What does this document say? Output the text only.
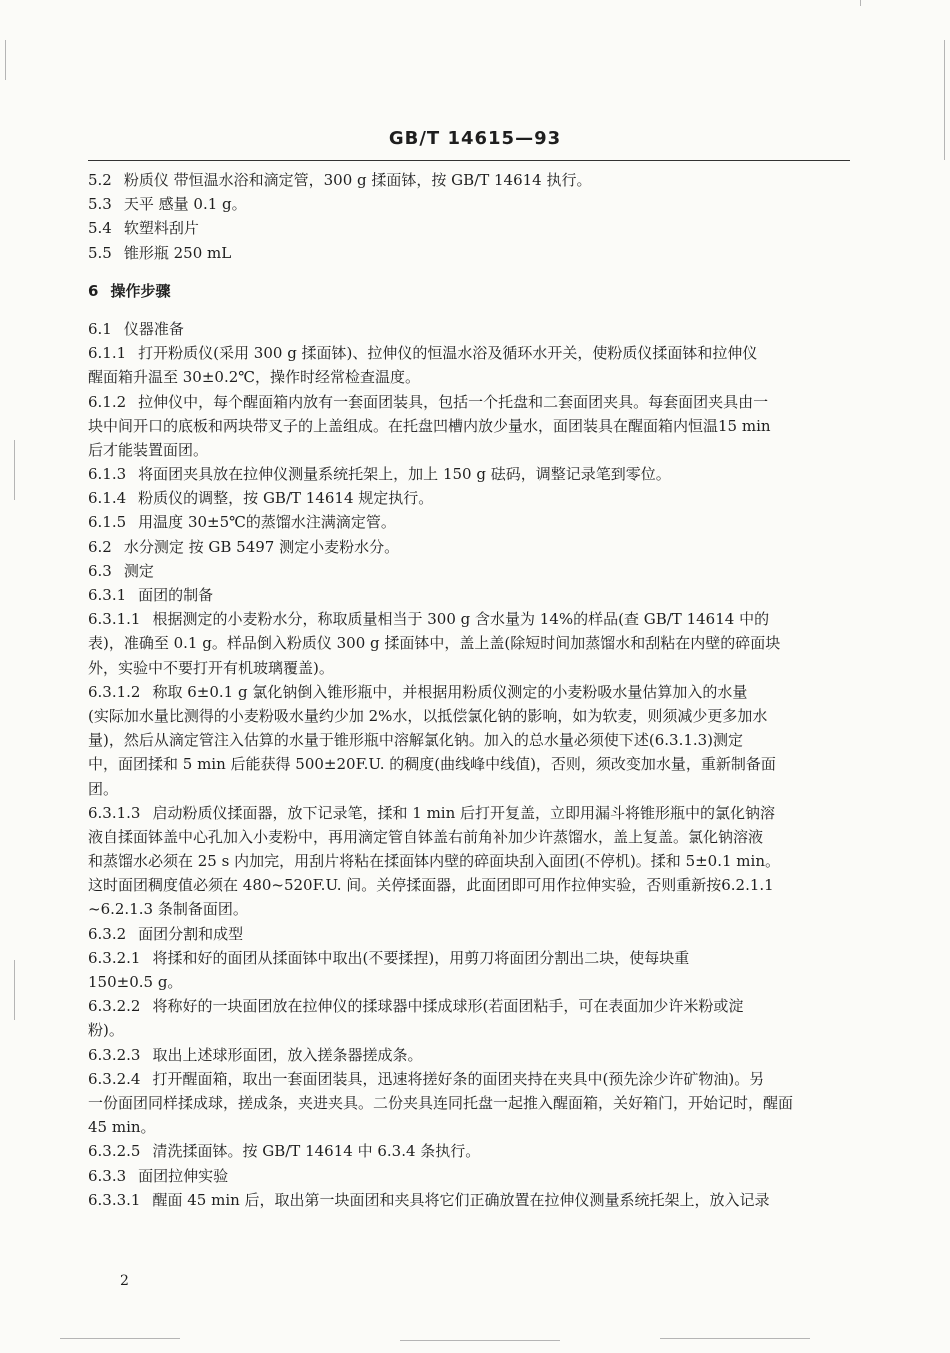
GB/T 14615—93
5.2 粉质仪 带恒温水浴和滴定管，300 g 揉面钵，按 GB/T 14614 执行。
5.3 天平 感量 0.1 g。
5.4 软塑料刮片
5.5 锥形瓶 250 mL
6 操作步骤
6.1 仪器准备
6.1.1 打开粉质仪(采用 300 g 揉面钵)、拉伸仪的恒温水浴及循环水开关，使粉质仪揉面钵和拉伸仪
醒面箱升温至 30±0.2℃，操作时经常检查温度。
6.1.2 拉伸仪中，每个醒面箱内放有一套面团装具，包括一个托盘和二套面团夹具。每套面团夹具由一
块中间开口的底板和两块带叉子的上盖组成。在托盘凹槽内放少量水，面团装具在醒面箱内恒温15 min
后才能装置面团。
6.1.3 将面团夹具放在拉伸仪测量系统托架上，加上 150 g 砝码，调整记录笔到零位。
6.1.4 粉质仪的调整，按 GB/T 14614 规定执行。
6.1.5 用温度 30±5℃的蒸馏水注满滴定管。
6.2 水分测定 按 GB 5497 测定小麦粉水分。
6.3 测定
6.3.1 面团的制备
6.3.1.1 根据测定的小麦粉水分，称取质量相当于 300 g 含水量为 14%的样品(查 GB/T 14614 中的
表)，准确至 0.1 g。样品倒入粉质仪 300 g 揉面钵中，盖上盖(除短时间加蒸馏水和刮粘在内壁的碎面块
外，实验中不要打开有机玻璃覆盖)。
6.3.1.2 称取 6±0.1 g 氯化钠倒入锥形瓶中，并根据用粉质仪测定的小麦粉吸水量估算加入的水量
(实际加水量比测得的小麦粉吸水量约少加 2%水，以抵偿氯化钠的影响，如为软麦，则须减少更多加水
量)，然后从滴定管注入估算的水量于锥形瓶中溶解氯化钠。加入的总水量必须使下述(6.3.1.3)测定
中，面团揉和 5 min 后能获得 500±20F.U. 的稠度(曲线峰中线值)，否则，须改变加水量，重新制备面
团。
6.3.1.3 启动粉质仪揉面器，放下记录笔，揉和 1 min 后打开复盖，立即用漏斗将锥形瓶中的氯化钠溶
液自揉面钵盖中心孔加入小麦粉中，再用滴定管自钵盖右前角补加少许蒸馏水，盖上复盖。氯化钠溶液
和蒸馏水必须在 25 s 内加完，用刮片将粘在揉面钵内壁的碎面块刮入面团(不停机)。揉和 5±0.1 min。
这时面团稠度值必须在 480~520F.U. 间。关停揉面器，此面团即可用作拉伸实验，否则重新按6.2.1.1
~6.2.1.3 条制备面团。
6.3.2 面团分割和成型
6.3.2.1 将揉和好的面团从揉面钵中取出(不要揉捏)，用剪刀将面团分割出二块，使每块重
150±0.5 g。
6.3.2.2 将称好的一块面团放在拉伸仪的揉球器中揉成球形(若面团粘手，可在表面加少许米粉或淀
粉)。
6.3.2.3 取出上述球形面团，放入搓条器搓成条。
6.3.2.4 打开醒面箱，取出一套面团装具，迅速将搓好条的面团夹持在夹具中(预先涂少许矿物油)。另
一份面团同样揉成球，搓成条，夹进夹具。二份夹具连同托盘一起推入醒面箱，关好箱门，开始记时，醒面
45 min。
6.3.2.5 清洗揉面钵。按 GB/T 14614 中 6.3.4 条执行。
6.3.3 面团拉伸实验
6.3.3.1 醒面 45 min 后，取出第一块面团和夹具将它们正确放置在拉伸仪测量系统托架上，放入记录
2
